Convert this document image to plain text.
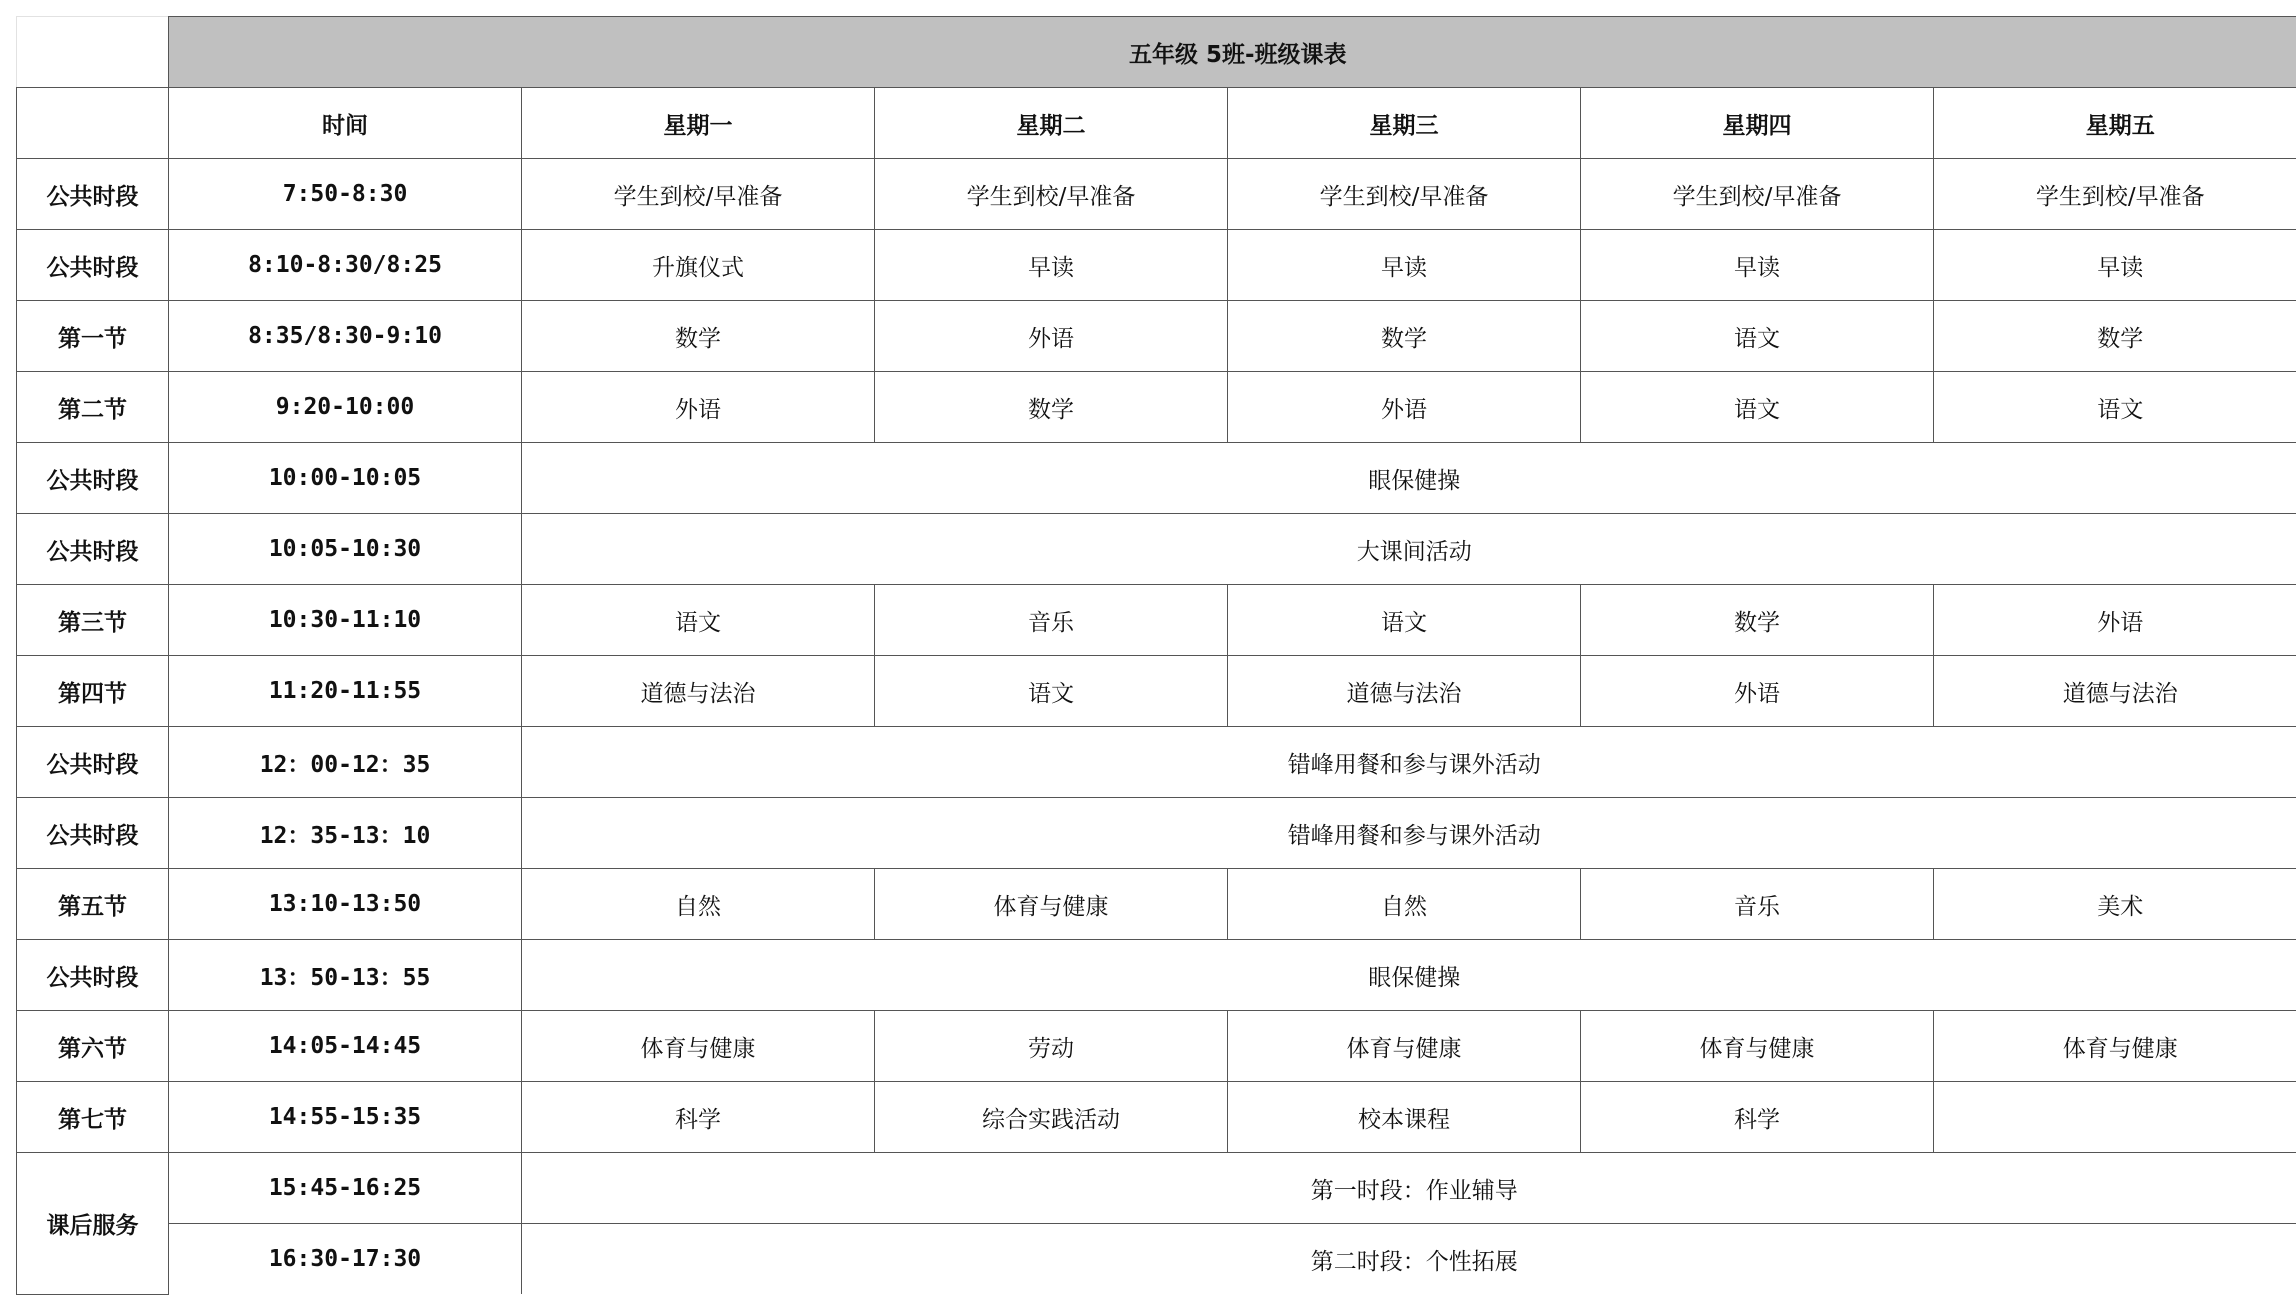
	五年级 5班-班级课表					
	时间	星期一	星期二	星期三	星期四	星期五
公共时段	7:50-8:30	学生到校/早准备	学生到校/早准备	学生到校/早准备	学生到校/早准备	学生到校/早准备
公共时段	8:10-8:30/8:25	升旗仪式	早读	早读	早读	早读
第一节	8:35/8:30-9:10	数学	外语	数学	语文	数学
第二节	9:20-10:00	外语	数学	外语	语文	语文
公共时段	10:00-10:05	眼保健操				
公共时段	10:05-10:30	大课间活动				
第三节	10:30-11:10	语文	音乐	语文	数学	外语
第四节	11:20-11:55	道德与法治	语文	道德与法治	外语	道德与法治
公共时段	12：00-12：35	错峰用餐和参与课外活动				
公共时段	12：35-13：10	错峰用餐和参与课外活动				
第五节	13:10-13:50	自然	体育与健康	自然	音乐	美术
公共时段	13：50-13：55	眼保健操				
第六节	14:05-14:45	体育与健康	劳动	体育与健康	体育与健康	体育与健康
第七节	14:55-15:35	科学	综合实践活动	校本课程	科学	
课后服务	15:45-16:25	第一时段：作业辅导				
	16:30-17:30	第二时段：个性拓展				
